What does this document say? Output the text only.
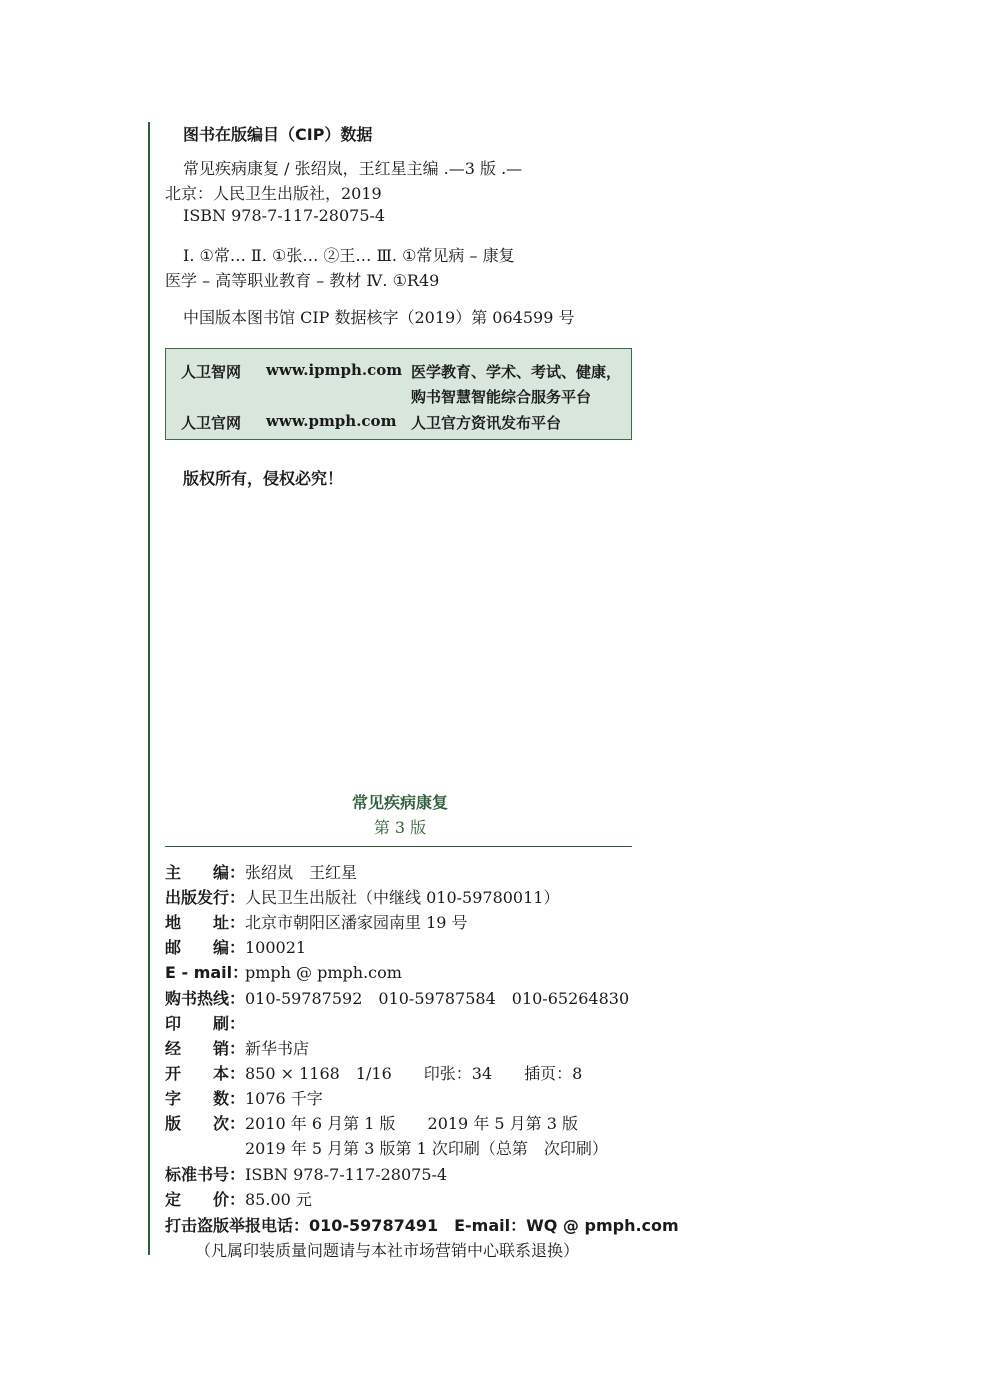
图书在版编目（CIP）数据
常见疾病康复 / 张绍岚，王红星主编 .—3 版 .—
北京：人民卫生出版社，2019
ISBN 978-7-117-28075-4
Ⅰ. ①常… Ⅱ. ①张… ②王… Ⅲ. ①常见病 – 康复
医学 – 高等职业教育 – 教材 Ⅳ. ①R49
中国版本图书馆 CIP 数据核字（2019）第 064599 号
人卫智网 www.ipmph.com 医学教育、学术、考试、健康，
购书智慧智能综合服务平台
人卫官网 www.pmph.com 人卫官方资讯发布平台
版权所有，侵权必究！
常见疾病康复
第 3 版
主　　编：张绍岚　王红星
出版发行：人民卫生出版社（中继线 010-59780011）
地　　址：北京市朝阳区潘家园南里 19 号
邮　　编：100021
E - mail：pmph @ pmph.com
购书热线：010-59787592　010-59787584　010-65264830
印　　刷：
经　　销：新华书店
开　　本：850 × 1168　1/16　　印张：34　　插页：8
字　　数：1076 千字
版　　次：2010 年 6 月第 1 版　　2019 年 5 月第 3 版
2019 年 5 月第 3 版第 1 次印刷（总第　次印刷）
标准书号：ISBN 978-7-117-28075-4
定　　价：85.00 元
打击盗版举报电话：010-59787491　E-mail：WQ @ pmph.com
（凡属印装质量问题请与本社市场营销中心联系退换）
